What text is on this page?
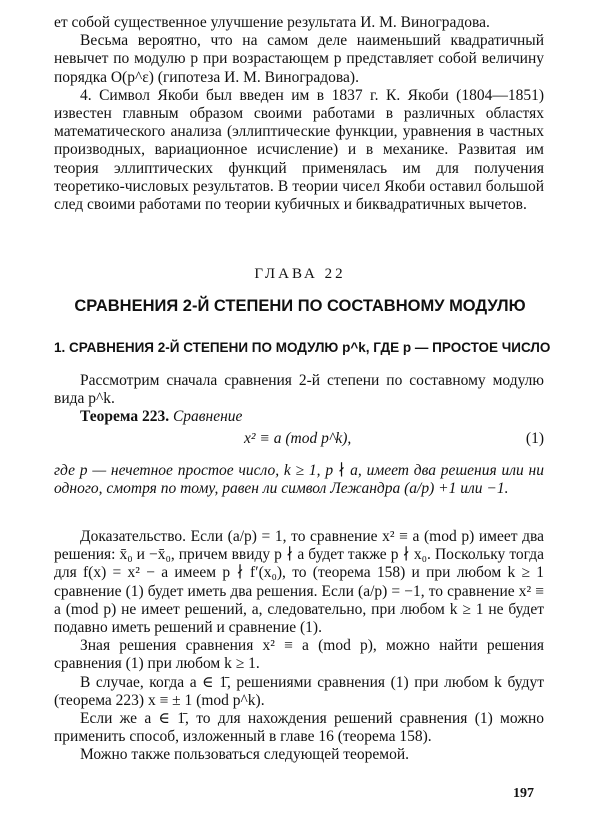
ет собой существенное улучшение результата И. М. Виноградова.

Весьма вероятно, что на самом деле наименьший квадратичный невычет по модулю p при возрастающем p представляет собой величину порядка O(p^ε) (гипотеза И. М. Виноградова).

4. Символ Якоби был введен им в 1837 г. К. Якоби (1804—1851) известен главным образом своими работами в различных областях математического анализа (эллиптические функции, уравнения в частных производных, вариационное исчисление) и в механике. Развитая им теория эллиптических функций применялась им для получения теоретико-числовых результатов. В теории чисел Якоби оставил большой след своими работами по теории кубичных и биквадратичных вычетов.

ГЛАВА 22
СРАВНЕНИЯ 2-Й СТЕПЕНИ ПО СОСТАВНОМУ МОДУЛЮ
1. СРАВНЕНИЯ 2-Й СТЕПЕНИ ПО МОДУЛЮ p^k, ГДЕ p — ПРОСТОЕ ЧИСЛО

Рассмотрим сначала сравнения 2-й степени по составному модулю вида p^k.

Теорема 223. Сравнение

x² ≡ a (mod p^k),	(1)

где p — нечетное простое число, k ≥ 1, p ∤ a, имеет два решения или ни одного, смотря по тому, равен ли символ Лежандра (a/p) +1 или −1.

Доказательство. Если (a/p) = 1, то сравнение x² ≡ a (mod p) имеет два решения: x̄₀ и −x̄₀, причем ввиду p ∤ a будет также p ∤ x₀. Поскольку тогда для f(x) = x² − a имеем p ∤ f′(x₀), то (теорема 158) и при любом k ≥ 1 сравнение (1) будет иметь два решения. Если (a/p) = −1, то сравнение x² ≡ a (mod p) не имеет решений, а, следовательно, при любом k ≥ 1 не будет подавно иметь решений и сравнение (1).

Зная решения сравнения x² ≡ a (mod p), можно найти решения сравнения (1) при любом k ≥ 1.

В случае, когда a ∈ 1̄, решениями сравнения (1) при любом k будут (теорема 223) x ≡ ± 1 (mod p^k).

Если же a ∈ 1̄, то для нахождения решений сравнения (1) можно применить способ, изложенный в главе 16 (теорема 158).

Можно также пользоваться следующей теоремой.

197
